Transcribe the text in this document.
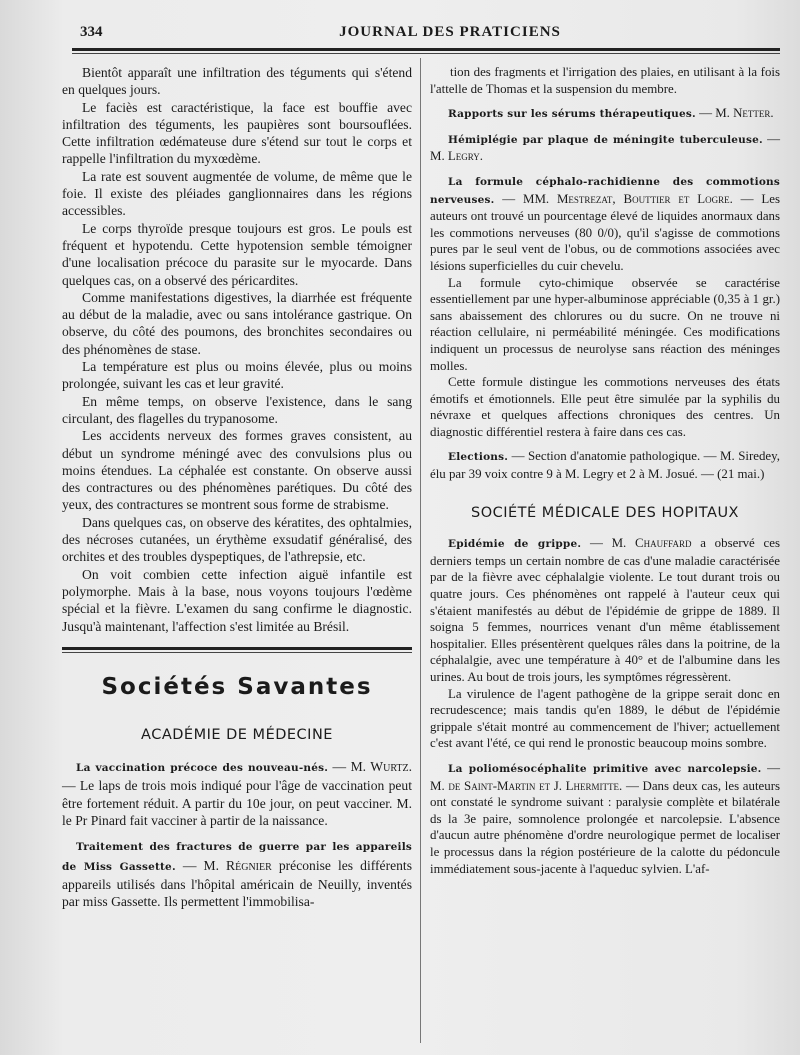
334	JOURNAL DES PRATICIENS

Bientôt apparaît une infiltration des téguments qui s'étend en quelques jours.

Le faciès est caractéristique, la face est bouffie avec infiltration des téguments, les paupières sont boursouflées. Cette infiltration œdémateuse dure s'étend sur tout le corps et rappelle l'infiltration du myxœdème.

La rate est souvent augmentée de volume, de même que le foie. Il existe des pléiades ganglionnaires dans les régions accessibles.

Le corps thyroïde presque toujours est gros. Le pouls est fréquent et hypotendu. Cette hypotension semble témoigner d'une localisation précoce du parasite sur le myocarde. Dans quelques cas, on a observé des péricardites.

Comme manifestations digestives, la diarrhée est fréquente au début de la maladie, avec ou sans intolérance gastrique. On observe, du côté des poumons, des bronchites secondaires ou des phénomènes de stase.

La température est plus ou moins élevée, plus ou moins prolongée, suivant les cas et leur gravité.

En même temps, on observe l'existence, dans le sang circulant, des flagelles du trypanosome.

Les accidents nerveux des formes graves consistent, au début un syndrome méningé avec des convulsions plus ou moins étendues. La céphalée est constante. On observe aussi des contractures ou des phénomènes parétiques. Du côté des yeux, des contractures se montrent sous forme de strabisme.

Dans quelques cas, on observe des kératites, des ophtalmies, des nécroses cutanées, un érythème exsudatif généralisé, des orchites et des troubles dyspeptiques, de l'athrepsie, etc.

On voit combien cette infection aiguë infantile est polymorphe. Mais à la base, nous voyons toujours l'œdème spécial et la fièvre. L'examen du sang confirme le diagnostic. Jusqu'à maintenant, l'affection s'est limitée au Brésil.

Sociétés Savantes
ACADÉMIE DE MÉDECINE

La vaccination précoce des nouveau-nés. — M. Wurtz. — Le laps de trois mois indiqué pour l'âge de vaccination peut être fortement réduit. A partir du 10e jour, on peut vacciner. M. le Pr Pinard fait vacciner à partir de la naissance.

Traitement des fractures de guerre par les appareils de Miss Gassette. — M. Régnier préconise les différents appareils utilisés dans l'hôpital américain de Neuilly, inventés par miss Gassette. Ils permettent l'immobilisa-

tion des fragments et l'irrigation des plaies, en utilisant à la fois l'attelle de Thomas et la suspension du membre.

Rapports sur les sérums thérapeutiques. — M. Netter.

Hémiplégie par plaque de méningite tuberculeuse. — M. Legry.

La formule céphalo-rachidienne des commotions nerveuses. — MM. Mestrezat, Bouttier et Logre. — Les auteurs ont trouvé un pourcentage élevé de liquides anormaux dans les commotions nerveuses (80 0/0), qu'il s'agisse de commotions pures par le seul vent de l'obus, ou de commotions associées avec lésions superficielles du cuir chevelu.

La formule cyto-chimique observée se caractérise essentiellement par une hyper-albuminose appréciable (0,35 à 1 gr.) sans abaissement des chlorures ou du sucre. On ne trouve ni réaction cellulaire, ni perméabilité méningée. Ces modifications indiquent un processus de neurolyse sans réaction des méninges molles.

Cette formule distingue les commotions nerveuses des états émotifs et émotionnels. Elle peut être simulée par la syphilis du névraxe et quelques affections chroniques des centres. Un diagnostic différentiel restera à faire dans ces cas.

Elections. — Section d'anatomie pathologique. — M. Siredey, élu par 39 voix contre 9 à M. Legry et 2 à M. Josué. — (21 mai.)

SOCIÉTÉ MÉDICALE DES HOPITAUX

Epidémie de grippe. — M. Chauffard a observé ces derniers temps un certain nombre de cas d'une maladie caractérisée par de la fièvre avec céphalalgie violente. Le tout durant trois ou quatre jours. Ces phénomènes ont rappelé à l'auteur ceux qui s'étaient manifestés au début de l'épidémie de grippe de 1889. Il soigna 5 femmes, nourrices venant d'un même établissement hospitalier. Elles présentèrent quelques râles dans la poitrine, de la céphalalgie, avec une température à 40° et de l'albumine dans les urines. Au bout de trois jours, les symptômes régressèrent.

La virulence de l'agent pathogène de la grippe serait donc en recrudescence; mais tandis qu'en 1889, le début de l'épidémie grippale s'était montré au commencement de l'hiver; actuellement c'est avant l'été, ce qui rend le pronostic beaucoup moins sombre.

La poliomésocéphalite primitive avec narcolepsie. — M. de Saint-Martin et J. Lhermitte. — Dans deux cas, les auteurs ont constaté le syndrome suivant : paralysie complète et bilatérale ds la 3e paire, somnolence prolongée et narcolepsie. L'absence d'aucun autre phénomène d'ordre neurologique permet de localiser le processus dans la région postérieure de la calotte du pédoncule immédiatement sous-jacente à l'aqueduc sylvien. L'af-
